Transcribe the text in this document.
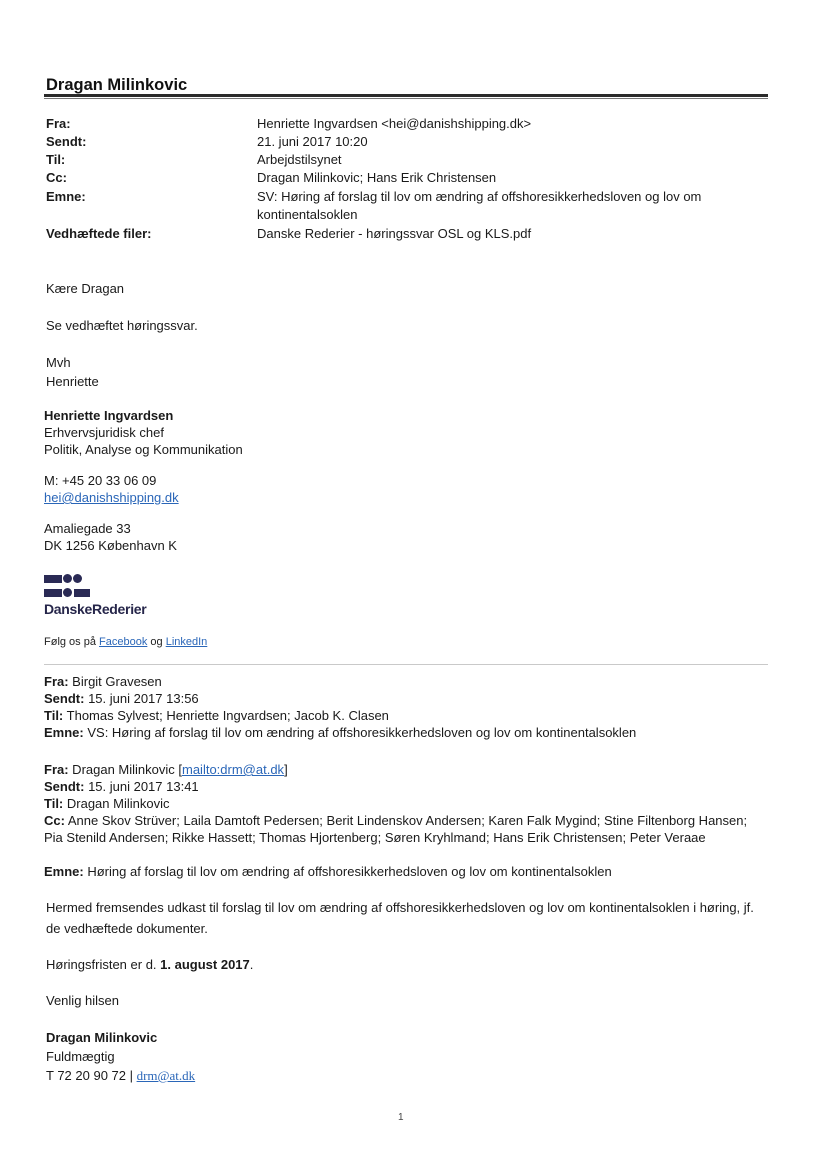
Dragan Milinkovic
Fra:	Henriette Ingvardsen <hei@danishshipping.dk>
Sendt:	21. juni 2017 10:20
Til:	Arbejdstilsynet
Cc:	Dragan Milinkovic; Hans Erik Christensen
Emne:	SV: Høring af forslag til lov om ændring af offshoresikkerhedsloven og lov om
kontinentalsoklen
Vedhæftede filer:	Danske Rederier - høringssvar OSL og KLS.pdf
Kære Dragan
Se vedhæftet høringssvar.
Mvh
Henriette
Henriette Ingvardsen
Erhvervsjuridisk chef
Politik, Analyse og Kommunikation
M: +45 20 33 06 09
hei@danishshipping.dk
Amaliegade 33
DK 1256 København K
DanskeRederier
Følg os på Facebook og LinkedIn
Fra: Birgit Gravesen
Sendt: 15. juni 2017 13:56
Til: Thomas Sylvest; Henriette Ingvardsen; Jacob K. Clasen
Emne: VS: Høring af forslag til lov om ændring af offshoresikkerhedsloven og lov om kontinentalsoklen
Fra: Dragan Milinkovic [mailto:drm@at.dk]
Sendt: 15. juni 2017 13:41
Til: Dragan Milinkovic
Cc: Anne Skov Strüver; Laila Damtoft Pedersen; Berit Lindenskov Andersen; Karen Falk Mygind; Stine Filtenborg Hansen; Pia Stenild Andersen; Rikke Hassett; Thomas Hjortenberg; Søren Kryhlmand; Hans Erik Christensen; Peter Veraae
Emne: Høring af forslag til lov om ændring af offshoresikkerhedsloven og lov om kontinentalsoklen
Hermed fremsendes udkast til forslag til lov om ændring af offshoresikkerhedsloven og lov om kontinentalsoklen i høring, jf. de vedhæftede dokumenter.
Høringsfristen er d. 1. august 2017.
Venlig hilsen
Dragan Milinkovic
Fuldmægtig
T 72 20 90 72 | drm@at.dk
1
